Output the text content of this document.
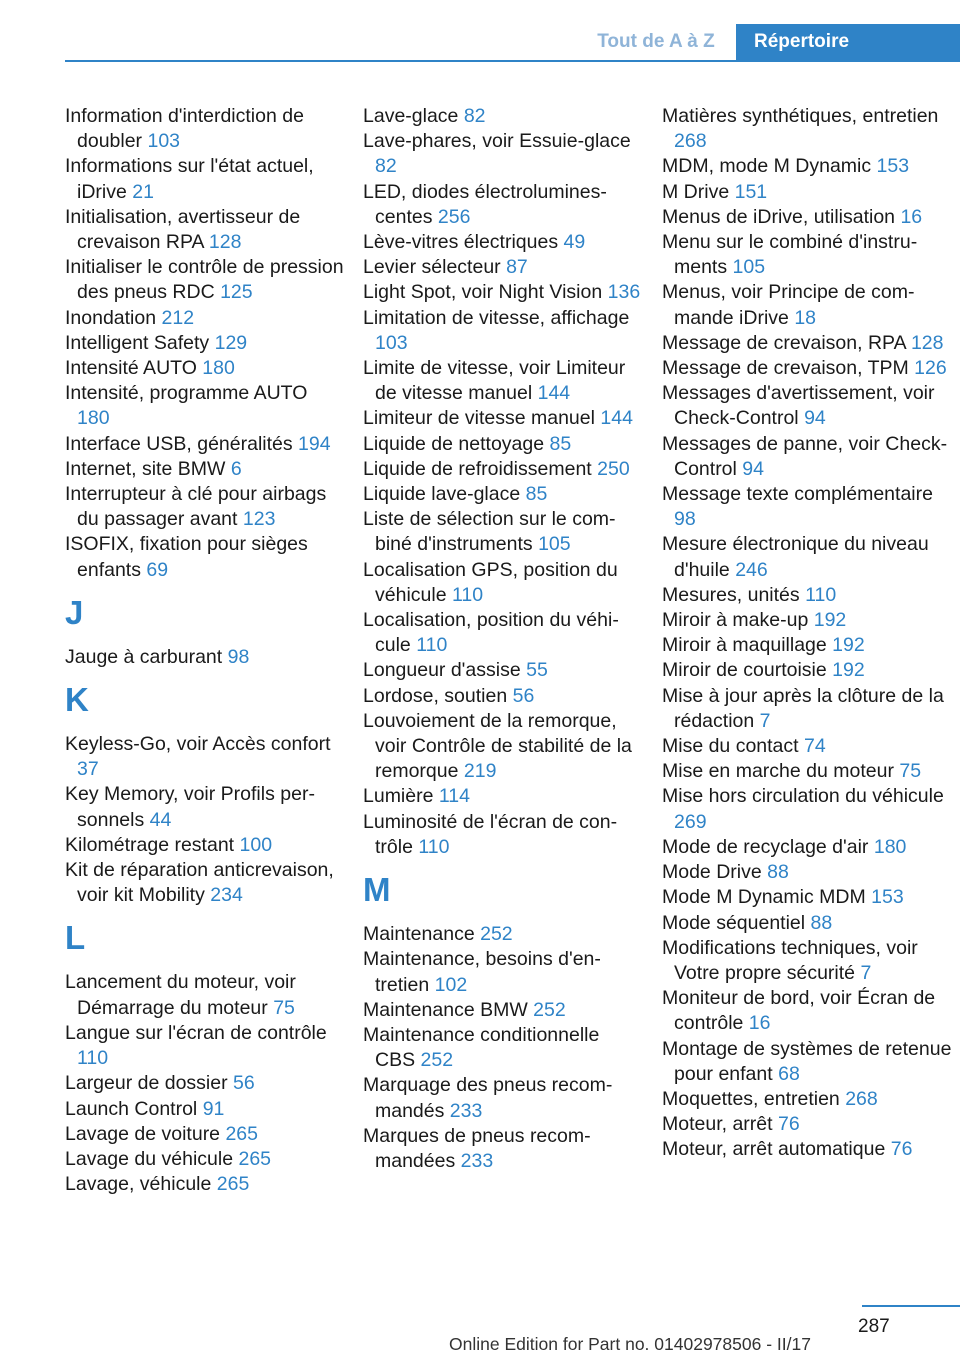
Tout de A à Z	Répertoire

Information d'interdiction de doubler 103

Informations sur l'état actuel, iDrive 21

Initialisation, avertisseur de crevaison RPA 128

Initialiser le contrôle de pression des pneus RDC 125

Inondation 212

Intelligent Safety 129

Intensité AUTO 180

Intensité, programme AUTO 180

Interface USB, généralités 194

Internet, site BMW 6

Interrupteur à clé pour airbags du passager avant 123

ISOFIX, fixation pour sièges enfants 69

J

Jauge à carburant 98

K

Keyless-Go, voir Accès confort 37

Key Memory, voir Profils personnels 44

Kilométrage restant 100

Kit de réparation anticrevaison, voir kit Mobility 234

L

Lancement du moteur, voir Démarrage du moteur 75

Langue sur l'écran de contrôle 110

Largeur de dossier 56

Launch Control 91

Lavage de voiture 265

Lavage du véhicule 265

Lavage, véhicule 265

Lave-glace 82

Lave-phares, voir Essuie-glace 82

LED, diodes électroluminescentes 256

Lève-vitres électriques 49

Levier sélecteur 87

Light Spot, voir Night Vision 136

Limitation de vitesse, affichage 103

Limite de vitesse, voir Limiteur de vitesse manuel 144

Limiteur de vitesse manuel 144

Liquide de nettoyage 85

Liquide de refroidissement 250

Liquide lave-glace 85

Liste de sélection sur le combiné d'instruments 105

Localisation GPS, position du véhicule 110

Localisation, position du véhicule 110

Longueur d'assise 55

Lordose, soutien 56

Louvoiement de la remorque, voir Contrôle de stabilité de la remorque 219

Lumière 114

Luminosité de l'écran de contrôle 110

M

Maintenance 252

Maintenance, besoins d'entretien 102

Maintenance BMW 252

Maintenance conditionnelle CBS 252

Marquage des pneus recommandés 233

Marques de pneus recommandées 233

Matières synthétiques, entretien 268

MDM, mode M Dynamic 153

M Drive 151

Menus de iDrive, utilisation 16

Menu sur le combiné d'instruments 105

Menus, voir Principe de commande iDrive 18

Message de crevaison, RPA 128

Message de crevaison, TPM 126

Messages d'avertissement, voir Check-Control 94

Messages de panne, voir Check-Control 94

Message texte complémentaire 98

Mesure électronique du niveau d'huile 246

Mesures, unités 110

Miroir à make-up 192

Miroir à maquillage 192

Miroir de courtoisie 192

Mise à jour après la clôture de la rédaction 7

Mise du contact 74

Mise en marche du moteur 75

Mise hors circulation du véhicule 269

Mode de recyclage d'air 180

Mode Drive 88

Mode M Dynamic MDM 153

Mode séquentiel 88

Modifications techniques, voir Votre propre sécurité 7

Moniteur de bord, voir Écran de contrôle 16

Montage de systèmes de retenue pour enfant 68

Moquettes, entretien 268

Moteur, arrêt 76

Moteur, arrêt automatique 76

287
Online Edition for Part no. 01402978506 - II/17
